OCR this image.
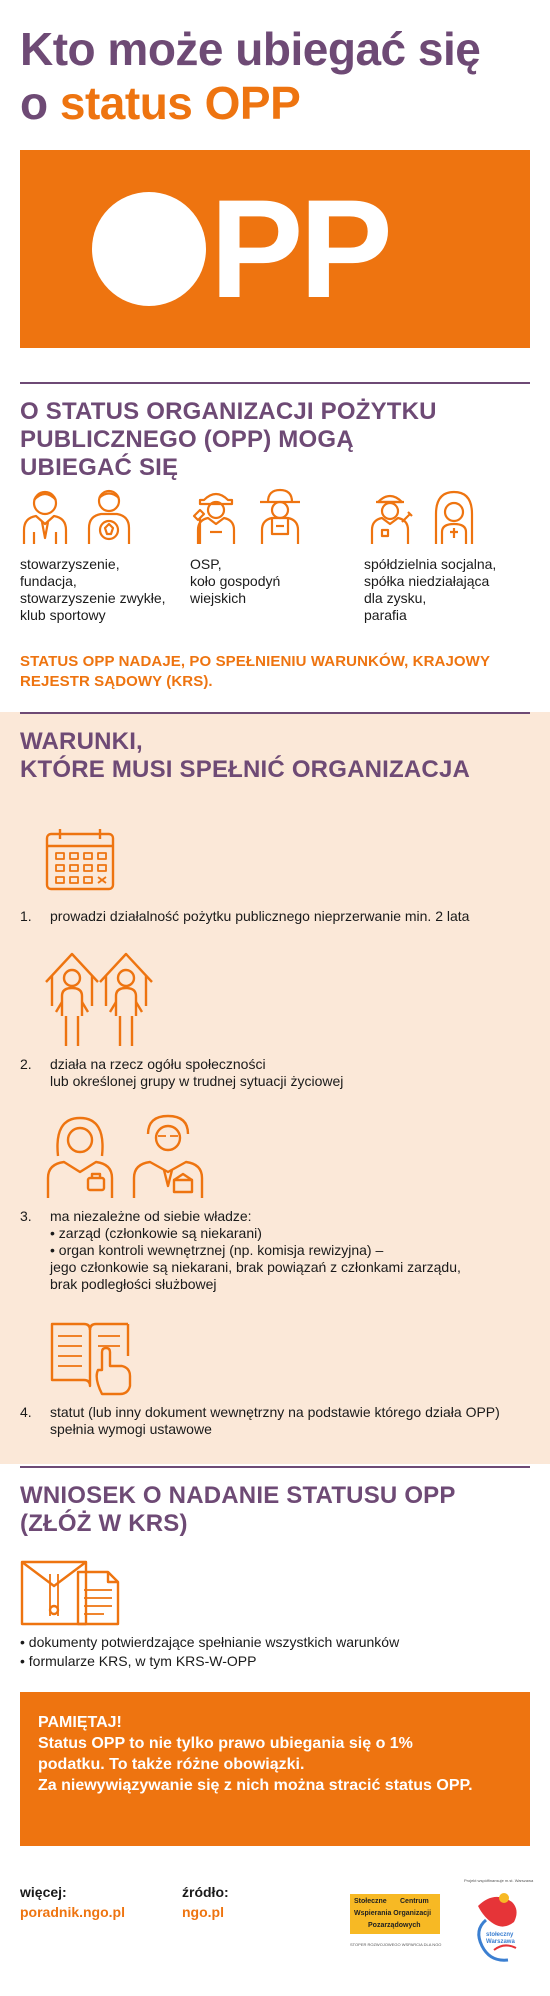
Kto może ubiegać się
o status OPP
PP
O STATUS ORGANIZACJI POŻYTKU PUBLICZNEGO (OPP) MOGĄ UBIEGAĆ SIĘ
stowarzyszenie,
fundacja,
stowarzyszenie zwykłe,
klub sportowy
OSP,
koło gospodyń
wiejskich
spółdzielnia socjalna,
spółka niedziałająca
dla zysku,
parafia
STATUS OPP NADAJE, PO SPEŁNIENIU WARUNKÓW, KRAJOWY REJESTR SĄDOWY (KRS).
WARUNKI,
KTÓRE MUSI SPEŁNIĆ ORGANIZACJA
1.	prowadzi działalność pożytku publicznego nieprzerwanie min. 2 lata
2.	działa na rzecz ogółu społeczności
lub określonej grupy w trudnej sytuacji życiowej
3.	ma niezależne od siebie władze:
• zarząd (członkowie są niekarani)
• organ kontroli wewnętrznej (np. komisja rewizyjna) –
jego członkowie są niekarani, brak powiązań z członkami zarządu,
brak podległości służbowej
4.	statut (lub inny dokument wewnętrzny na podstawie którego działa OPP)
spełnia wymogi ustawowe
WNIOSEK O NADANIE STATUSU OPP
(ZŁÓŻ W KRS)
• dokumenty potwierdzające spełnianie wszystkich warunków
• formularze KRS, w tym KRS-W-OPP
PAMIĘTAJ!
Status OPP to nie tylko prawo ubiegania się o 1%
podatku. To także różne obowiązki.
Za niewywiązywanie się z nich można stracić status OPP.
więcej:
poradnik.ngo.pl
źródło:
ngo.pl
Stołeczne Centrum
Wspierania Organizacji
Pozarządowych
STOPER ROZWOJOWEGO WSPARCIA DLA NGO
Projekt współfinansuje m.st. Warszawa
stołeczny Warszawa
